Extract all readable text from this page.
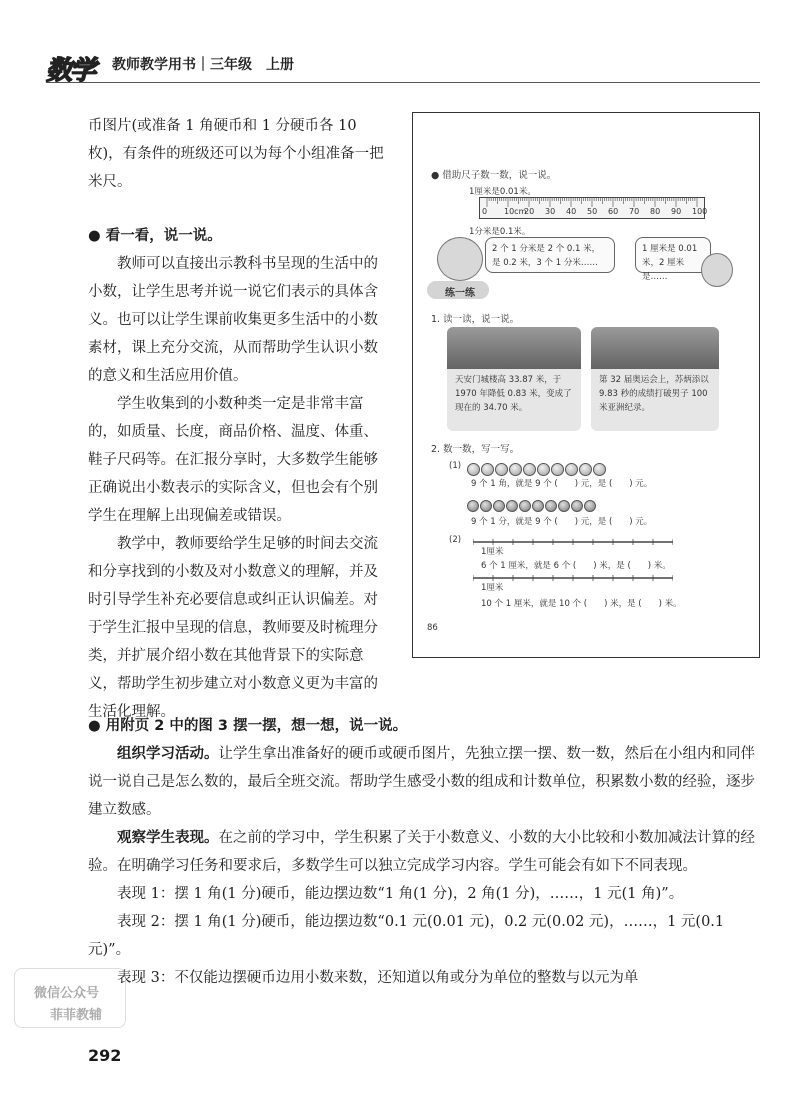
数学	教师教学用书｜三年级　上册

币图片(或准备 1 角硬币和 1 分硬币各 10 枚)，有条件的班级还可以为每个小组准备一把米尺。

● 看一看，说一说。

教师可以直接出示教科书呈现的生活中的小数，让学生思考并说一说它们表示的具体含义。也可以让学生课前收集更多生活中的小数素材，课上充分交流，从而帮助学生认识小数的意义和生活应用价值。

学生收集到的小数种类一定是非常丰富的，如质量、长度，商品价格、温度、体重、鞋子尺码等。在汇报分享时，大多数学生能够正确说出小数表示的实际含义，但也会有个别学生在理解上出现偏差或错误。

教学中，教师要给学生足够的时间去交流和分享找到的小数及对小数意义的理解，并及时引导学生补充必要信息或纠正认识偏差。对于学生汇报中呈现的信息，教师要及时梳理分类，并扩展介绍小数在其他背景下的实际意义，帮助学生初步建立对小数意义更为丰富的生活化理解。

● 借助尺子数一数，说一说。
1厘米是0.01米。
0 10cm
20 30 40 50 60 70 80 90 100
1分米是0.1米。
2 个 1 分米是 2 个 0.1 米，是 0.2 米，3 个 1 分米……
1 厘米是 0.01 米，2 厘米是……
练一练
1. 读一读，说一说。
天安门城楼高 33.87 米，于 1970 年降低 0.83 米，变成了现在的 34.70 米。
第 32 届奥运会上，苏炳添以 9.83 秒的成绩打破男子 100 米亚洲纪录。
2. 数一数，写一写。
(1)
9 个 1 角，就是 9 个 (　　) 元，是 (　　) 元。
9 个 1 分，就是 9 个 (　　) 元，是 (　　) 元。
(2)
1厘米
6 个 1 厘米，就是 6 个 (　　) 米，是 (　　) 米。
1厘米
10 个 1 厘米，就是 10 个 (　　) 米，是 (　　) 米。
86

● 用附页 2 中的图 3 摆一摆，想一想，说一说。

组织学习活动。让学生拿出准备好的硬币或硬币图片，先独立摆一摆、数一数，然后在小组内和同伴说一说自己是怎么数的，最后全班交流。帮助学生感受小数的组成和计数单位，积累数小数的经验，逐步建立数感。

观察学生表现。在之前的学习中，学生积累了关于小数意义、小数的大小比较和小数加减法计算的经验。在明确学习任务和要求后，多数学生可以独立完成学习内容。学生可能会有如下不同表现。

表现 1：摆 1 角(1 分)硬币，能边摆边数“1 角(1 分)，2 角(1 分)，……，1 元(1 角)”。

表现 2：摆 1 角(1 分)硬币，能边摆边数“0.1 元(0.01 元)，0.2 元(0.02 元)，……，1 元(0.1 元)”。

表现 3：不仅能边摆硬币边用小数来数，还知道以角或分为单位的整数与以元为单

微信公众号
菲菲教辅
292
